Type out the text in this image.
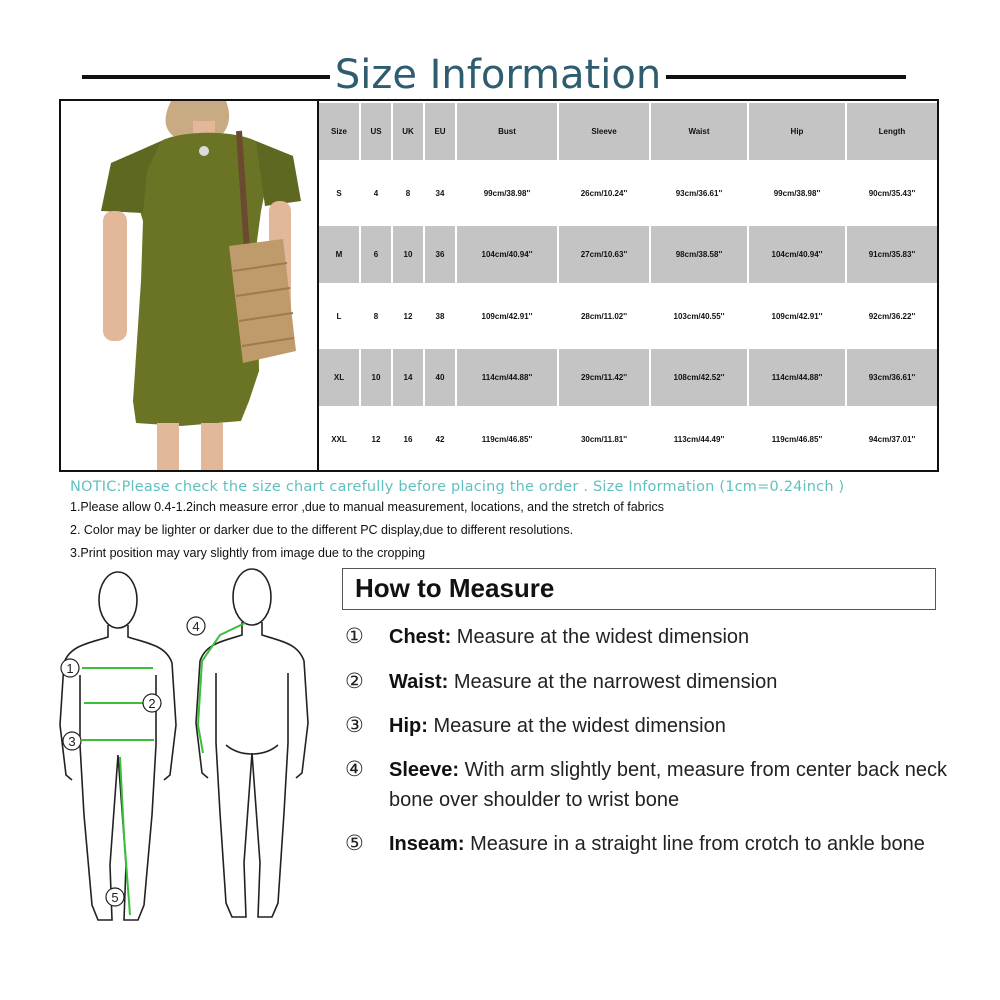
Size Information
Size	US	UK	EU	Bust	Sleeve	Waist	Hip	Length
S	4	8	34	99cm/38.98''	26cm/10.24''	93cm/36.61''	99cm/38.98''	90cm/35.43''
M	6	10	36	104cm/40.94''	27cm/10.63''	98cm/38.58''	104cm/40.94''	91cm/35.83''
L	8	12	38	109cm/42.91''	28cm/11.02''	103cm/40.55''	109cm/42.91''	92cm/36.22''
XL	10	14	40	114cm/44.88''	29cm/11.42''	108cm/42.52''	114cm/44.88''	93cm/36.61''
XXL	12	16	42	119cm/46.85''	30cm/11.81''	113cm/44.49''	119cm/46.85''	94cm/37.01''
NOTIC:Please check the size chart carefully before placing the order . Size Information (1cm=0.24inch )
1.Please allow 0.4-1.2inch measure error ,due to manual measurement, locations, and the stretch of fabrics
2. Color may be lighter or darker due to the different PC display,due to different resolutions.
3.Print position may vary slightly from image due to the cropping
1
2
3
4
5
How to Measure
①	Chest: Measure at the widest dimension
②	Waist: Measure at the narrowest dimension
③	Hip: Measure at the widest dimension
④	Sleeve: With arm slightly bent, measure from center back neck bone over shoulder to wrist bone
⑤	Inseam: Measure in a straight line from crotch to ankle bone
